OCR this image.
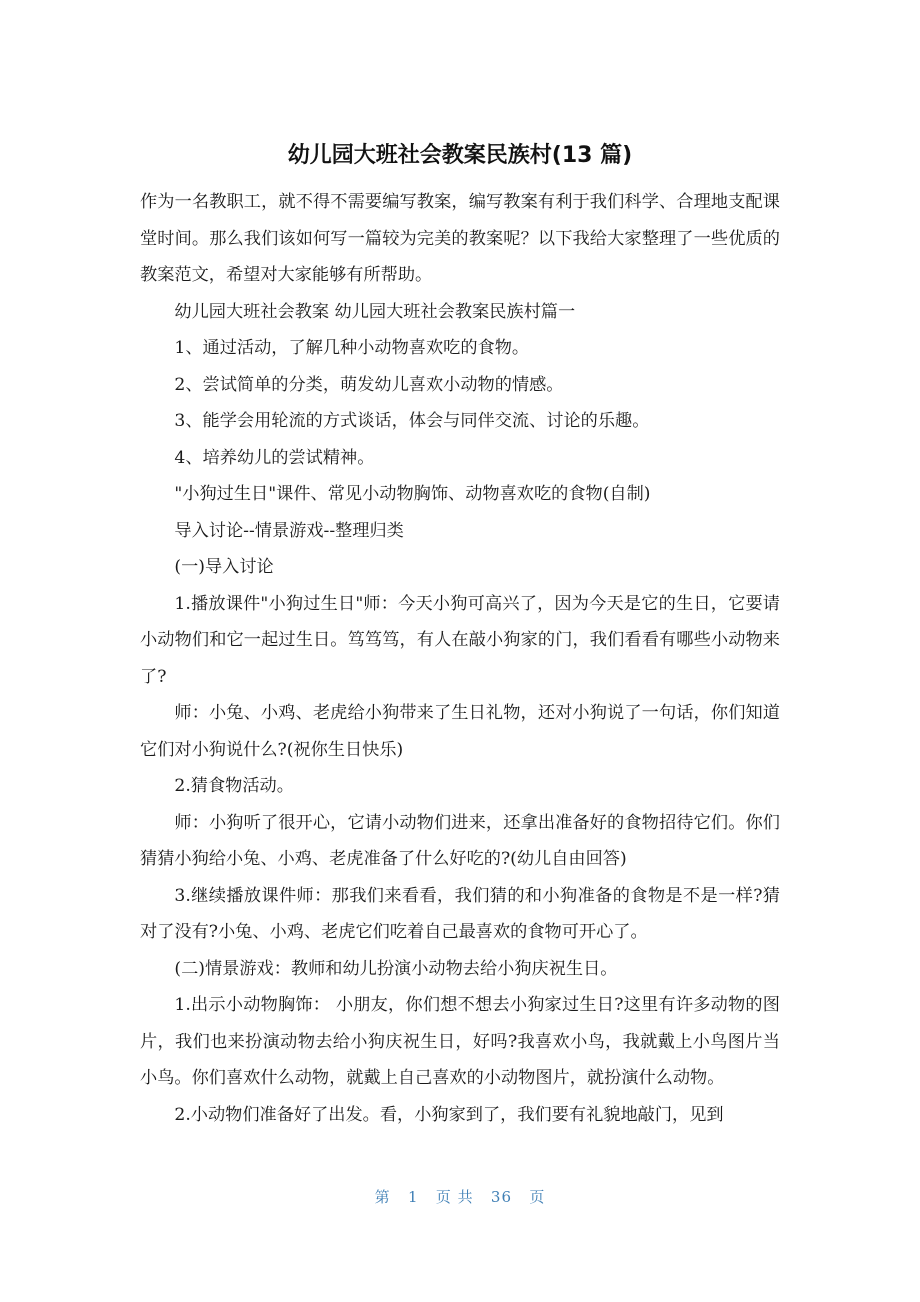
幼儿园大班社会教案民族村(13 篇)

作为一名教职工，就不得不需要编写教案，编写教案有利于我们科学、合理地支配课堂时间。那么我们该如何写一篇较为完美的教案呢？以下我给大家整理了一些优质的教案范文，希望对大家能够有所帮助。

幼儿园大班社会教案 幼儿园大班社会教案民族村篇一

1、通过活动，了解几种小动物喜欢吃的食物。

2、尝试简单的分类，萌发幼儿喜欢小动物的情感。

3、能学会用轮流的方式谈话，体会与同伴交流、讨论的乐趣。

4、培养幼儿的尝试精神。

"小狗过生日"课件、常见小动物胸饰、动物喜欢吃的食物(自制)

导入讨论--情景游戏--整理归类

(一)导入讨论

1.播放课件"小狗过生日"师：今天小狗可高兴了，因为今天是它的生日，它要请小动物们和它一起过生日。笃笃笃，有人在敲小狗家的门，我们看看有哪些小动物来了?

师：小兔、小鸡、老虎给小狗带来了生日礼物，还对小狗说了一句话，你们知道它们对小狗说什么?(祝你生日快乐)

2.猜食物活动。

师：小狗听了很开心，它请小动物们进来，还拿出准备好的食物招待它们。你们猜猜小狗给小兔、小鸡、老虎准备了什么好吃的?(幼儿自由回答)

3.继续播放课件师：那我们来看看，我们猜的和小狗准备的食物是不是一样?猜对了没有?小兔、小鸡、老虎它们吃着自己最喜欢的食物可开心了。

(二)情景游戏：教师和幼儿扮演小动物去给小狗庆祝生日。

1.出示小动物胸饰： 小朋友，你们想不想去小狗家过生日?这里有许多动物的图片，我们也来扮演动物去给小狗庆祝生日，好吗?我喜欢小鸟，我就戴上小鸟图片当小鸟。你们喜欢什么动物，就戴上自己喜欢的小动物图片，就扮演什么动物。

2.小动物们准备好了出发。看，小狗家到了，我们要有礼貌地敲门，见到

第 1 页 共 36 页
